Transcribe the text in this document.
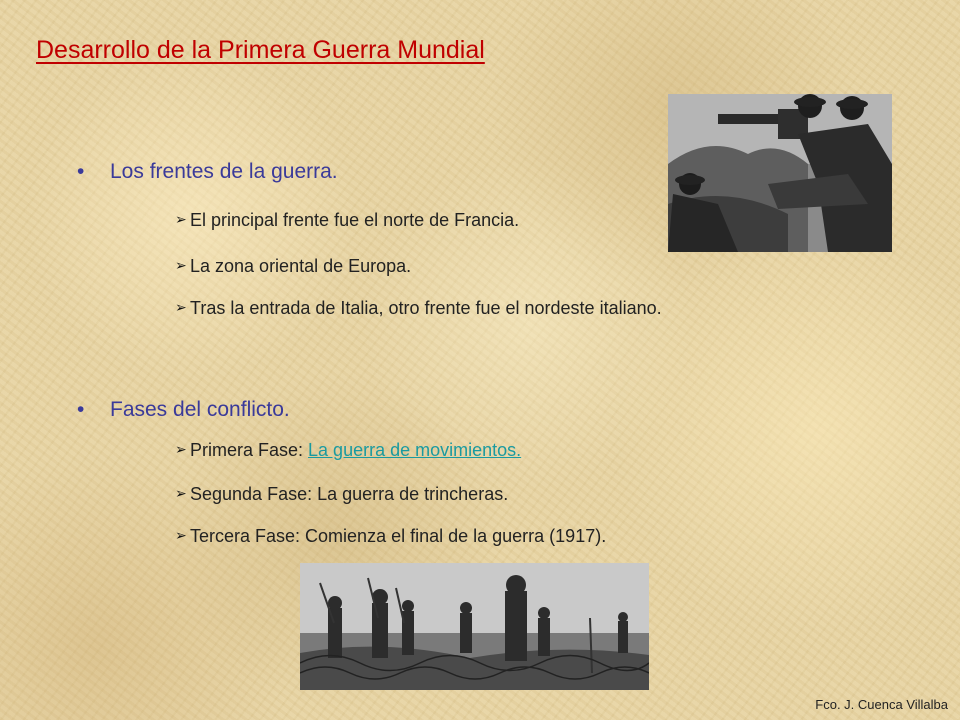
Desarrollo de la Primera Guerra Mundial
• Los frentes de la guerra.
➢ El principal frente fue el norte de Francia.
➢ La zona oriental de Europa.
➢ Tras la entrada de Italia, otro frente fue el nordeste italiano.
• Fases del conflicto.
➢ Primera Fase: La guerra de movimientos.
➢ Segunda Fase: La guerra de trincheras.
➢ Tercera Fase: Comienza el final de la guerra (1917).
Fco. J. Cuenca Villalba
